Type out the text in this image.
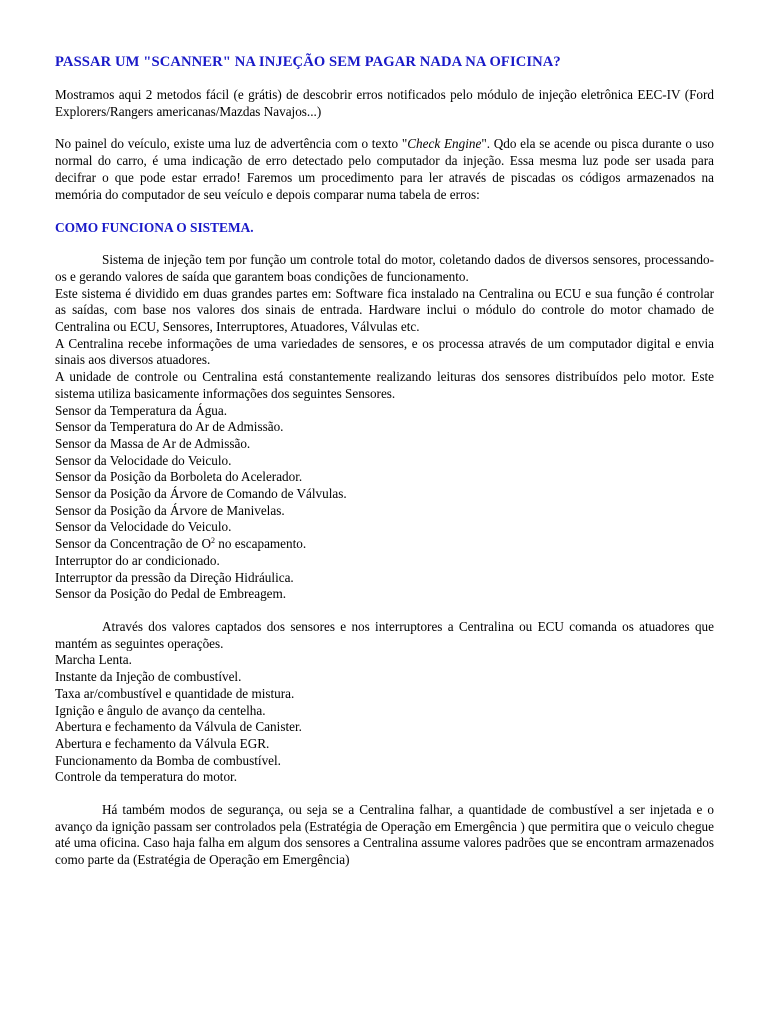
PASSAR UM "SCANNER" NA INJEÇÃO SEM PAGAR NADA NA OFICINA?

Mostramos aqui 2 metodos fácil (e grátis) de descobrir erros notificados pelo módulo de injeção eletrônica EEC-IV (Ford Explorers/Rangers americanas/Mazdas Navajos...)

No painel do veículo, existe uma luz de advertência com o texto "Check Engine". Qdo ela se acende ou pisca durante o uso normal do carro, é uma indicação de erro detectado pelo computador da injeção. Essa mesma luz pode ser usada para decifrar o que pode estar errado! Faremos um procedimento para ler através de piscadas os códigos armazenados na memória do computador de seu veículo e depois comparar numa tabela de erros:

COMO FUNCIONA O SISTEMA.

Sistema de injeção tem por função um controle total do motor, coletando dados de diversos sensores, processando-os e gerando valores de saída que garantem boas condições de funcionamento.

Este sistema é dividido em duas grandes partes em: Software fica instalado na Centralina ou ECU e sua função é controlar as saídas, com base nos valores dos sinais de entrada. Hardware inclui o módulo do controle do motor chamado de Centralina ou ECU, Sensores, Interruptores, Atuadores, Válvulas etc.

A Centralina recebe informações de uma variedades de sensores, e os processa através de um computador digital e envia sinais aos diversos atuadores.

A unidade de controle ou Centralina está constantemente realizando leituras dos sensores distribuídos pelo motor. Este sistema utiliza basicamente informações dos seguintes Sensores.

Sensor da Temperatura da Água.
Sensor da Temperatura do Ar de Admissão.
Sensor da Massa de Ar de Admissão.
Sensor da Velocidade do Veiculo.
Sensor da Posição da Borboleta do Acelerador.
Sensor da Posição da Árvore de Comando de Válvulas.
Sensor da Posição da Árvore de Manivelas.
Sensor da Velocidade do Veiculo.
Sensor da Concentração de $O^2$ no escapamento.
Interruptor do ar condicionado.
Interruptor da pressão da Direção Hidráulica.
Sensor da Posição do Pedal de Embreagem.

Através dos valores captados dos sensores e nos interruptores a Centralina ou ECU comanda os atuadores que mantém as seguintes operações.

Marcha Lenta.
Instante da Injeção de combustível.
Taxa ar/combustível e quantidade de mistura.
Ignição e ângulo de avanço da centelha.
Abertura e fechamento da Válvula de Canister.
Abertura e fechamento da Válvula EGR.
Funcionamento da Bomba de combustível.
Controle da temperatura do motor.

Há também modos de segurança, ou seja se a Centralina falhar, a quantidade de combustível a ser injetada e o avanço da ignição passam ser controlados pela (Estratégia de Operação em Emergência ) que permitira que o veiculo chegue até uma oficina. Caso haja falha em algum dos sensores a Centralina assume valores padrões que se encontram armazenados como parte da (Estratégia de Operação em Emergência)
